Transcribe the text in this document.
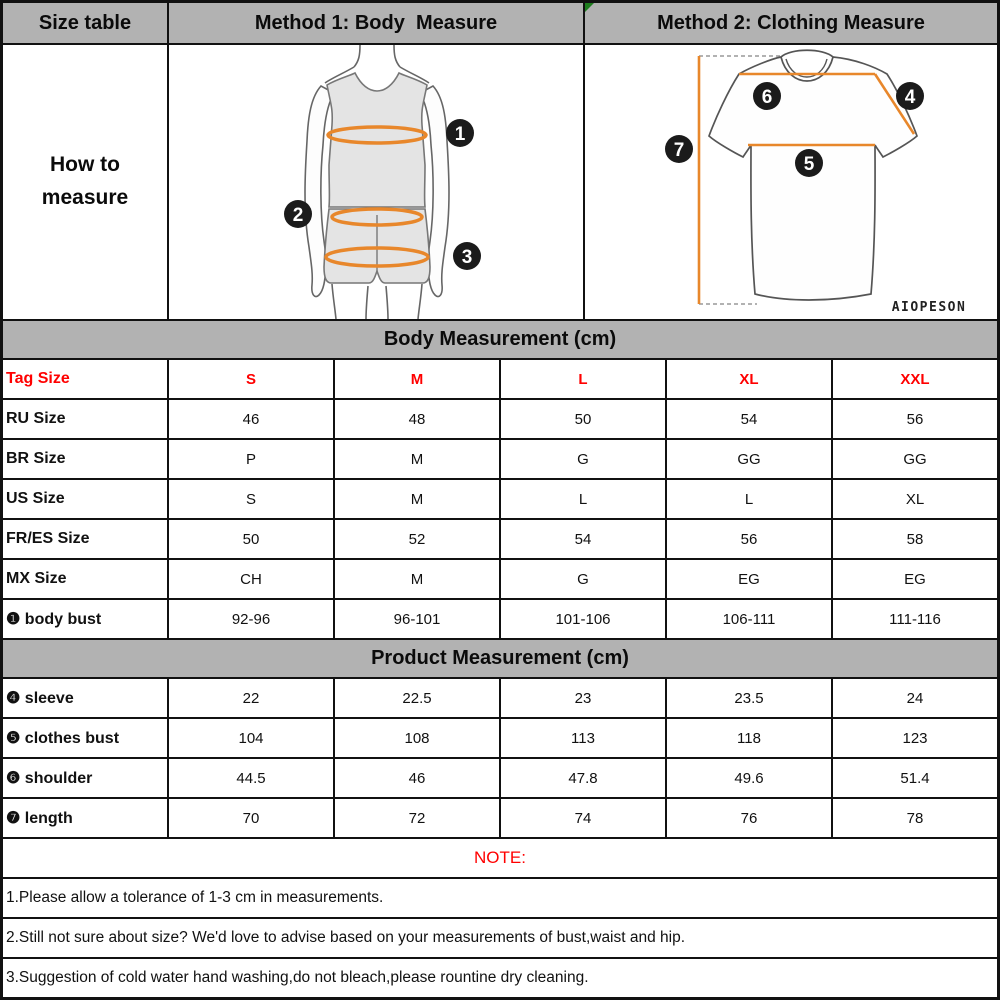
Size table	Method 1: Body  Measure	Method 2: Clothing Measure
How to
measure
1
2
3
6	4
5
7
AIOPESON
Body Measurement (cm)
Tag Size	S	M	L	XL	XXL
RU Size	46	48	50	54	56
BR Size	P	M	G	GG	GG
US Size	S	M	L	L	XL
FR/ES Size	50	52	54	56	58
MX Size	CH	M	G	EG	EG
❶ body bust	92-96	96-101	101-106	106-111	111-116
Product Measurement (cm)
❹ sleeve	22	22.5	23	23.5	24
❺ clothes bust	104	108	113	118	123
❻ shoulder	44.5	46	47.8	49.6	51.4
❼ length	70	72	74	76	78
NOTE:
1.Please allow a tolerance of 1-3 cm in measurements.
2.Still not sure about size? We'd love to advise based on your measurements of bust,waist and hip.
3.Suggestion of cold water hand washing,do not bleach,please rountine dry cleaning.
